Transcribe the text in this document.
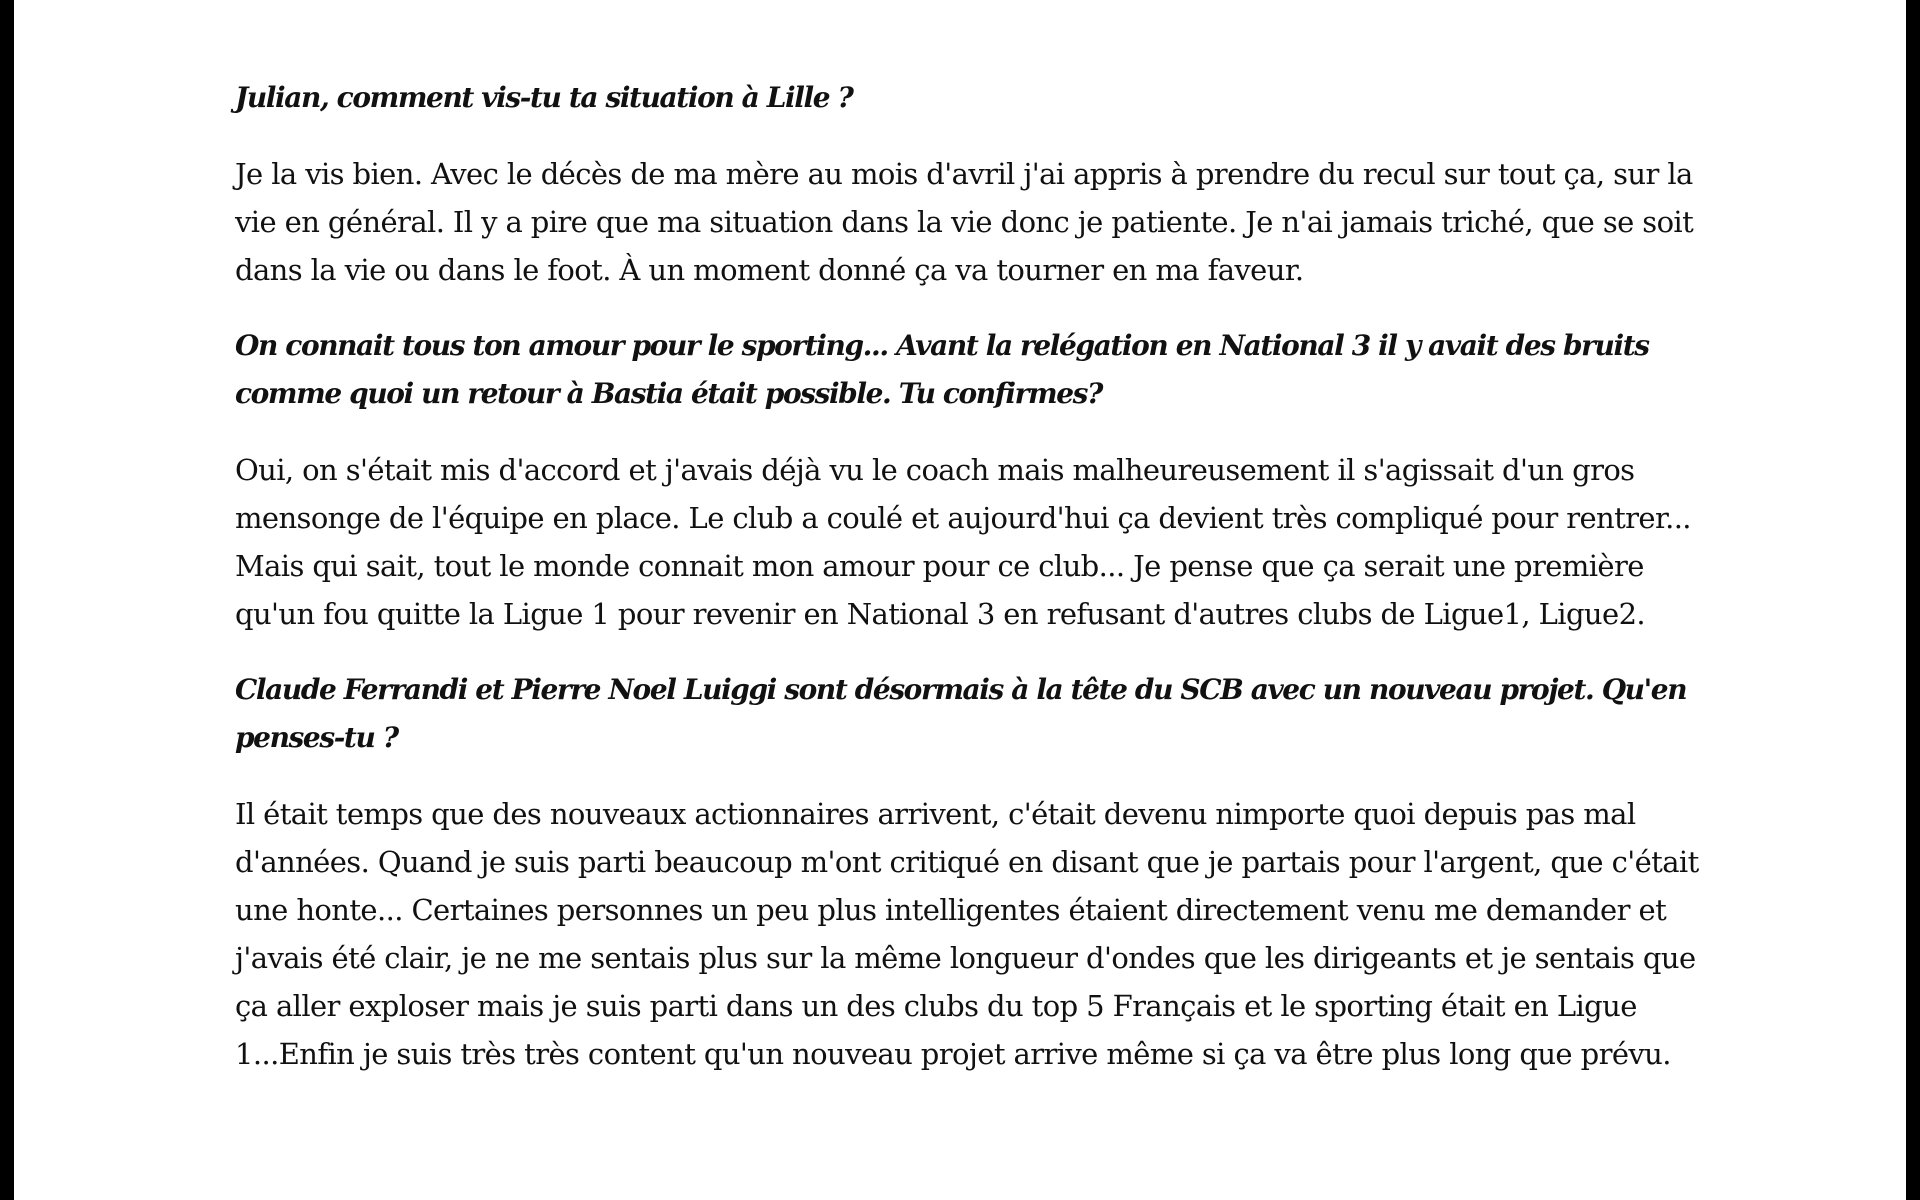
Julian, comment vis-tu ta situation à Lille ?

Je la vis bien. Avec le décès de ma mère au mois d'avril j'ai appris à prendre du recul sur tout ça, sur la vie en général. Il y a pire que ma situation dans la vie donc je patiente. Je n'ai jamais triché, que se soit dans la vie ou dans le foot. À un moment donné ça va tourner en ma faveur.

On connait tous ton amour pour le sporting... Avant la relégation en National 3 il y avait des bruits comme quoi un retour à Bastia était possible. Tu confirmes?

Oui, on s'était mis d'accord et j'avais déjà vu le coach mais malheureusement il s'agissait d'un gros mensonge de l'équipe en place. Le club a coulé et aujourd'hui ça devient très compliqué pour rentrer... Mais qui sait, tout le monde connait mon amour pour ce club... Je pense que ça serait une première qu'un fou quitte la Ligue 1 pour revenir en National 3 en refusant d'autres clubs de Ligue1, Ligue2.

Claude Ferrandi et Pierre Noel Luiggi sont désormais à la tête du SCB avec un nouveau projet. Qu'en penses-tu ?

Il était temps que des nouveaux actionnaires arrivent, c'était devenu nimporte quoi depuis pas mal d'années. Quand je suis parti beaucoup m'ont critiqué en disant que je partais pour l'argent, que c'était une honte... Certaines personnes un peu plus intelligentes étaient directement venu me demander et j'avais été clair, je ne me sentais plus sur la même longueur d'ondes que les dirigeants et je sentais que ça aller exploser mais je suis parti dans un des clubs du top 5 Français et le sporting était en Ligue 1...Enfin je suis très très content qu'un nouveau projet arrive même si ça va être plus long que prévu.
